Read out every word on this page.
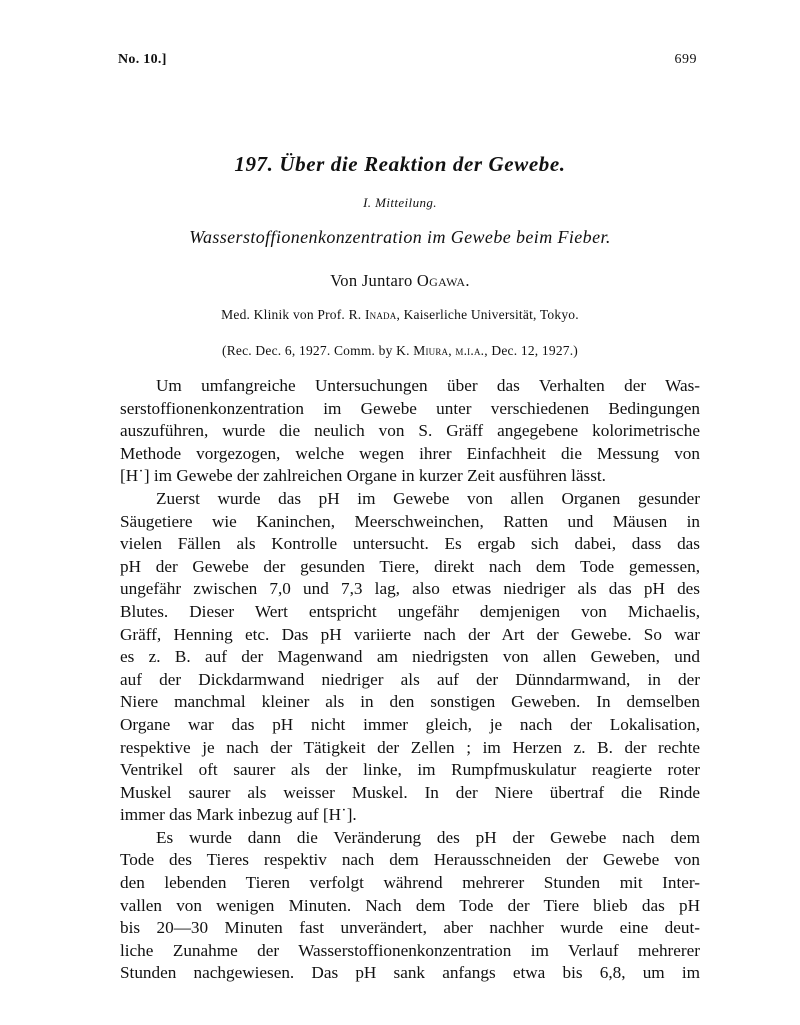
No. 10.]	699
197. Über die Reaktion der Gewebe.
I. Mitteilung.
Wasserstoffionenkonzentration im Gewebe beim Fieber.
Von Juntaro Ogawa.
Med. Klinik von Prof. R. Inada, Kaiserliche Universität, Tokyo.
(Rec. Dec. 6, 1927. Comm. by K. Miura, m.i.a., Dec. 12, 1927.)
Um umfangreiche Untersuchungen über das Verhalten der Was-
serstoffionenkonzentration im Gewebe unter verschiedenen Bedingungen
auszuführen, wurde die neulich von S. Gräff angegebene kolorimetrische
Methode vorgezogen, welche wegen ihrer Einfachheit die Messung von
[H˙] im Gewebe der zahlreichen Organe in kurzer Zeit ausführen lässt.
Zuerst wurde das pH im Gewebe von allen Organen gesunder
Säugetiere wie Kaninchen, Meerschweinchen, Ratten und Mäusen in
vielen Fällen als Kontrolle untersucht. Es ergab sich dabei, dass das
pH der Gewebe der gesunden Tiere, direkt nach dem Tode gemessen,
ungefähr zwischen 7,0 und 7,3 lag, also etwas niedriger als das pH des
Blutes. Dieser Wert entspricht ungefähr demjenigen von Michaelis,
Gräff, Henning etc. Das pH variierte nach der Art der Gewebe. So war
es z. B. auf der Magenwand am niedrigsten von allen Geweben, und
auf der Dickdarmwand niedriger als auf der Dünndarmwand, in der
Niere manchmal kleiner als in den sonstigen Geweben. In demselben
Organe war das pH nicht immer gleich, je nach der Lokalisation,
respektive je nach der Tätigkeit der Zellen ; im Herzen z. B. der rechte
Ventrikel oft saurer als der linke, im Rumpfmuskulatur reagierte roter
Muskel saurer als weisser Muskel. In der Niere übertraf die Rinde
immer das Mark inbezug auf [H˙].
Es wurde dann die Veränderung des pH der Gewebe nach dem
Tode des Tieres respektiv nach dem Herausschneiden der Gewebe von
den lebenden Tieren verfolgt während mehrerer Stunden mit Inter-
vallen von wenigen Minuten. Nach dem Tode der Tiere blieb das pH
bis 20—30 Minuten fast unverändert, aber nachher wurde eine deut-
liche Zunahme der Wasserstoffionenkonzentration im Verlauf mehrerer
Stunden nachgewiesen. Das pH sank anfangs etwa bis 6,8, um im
